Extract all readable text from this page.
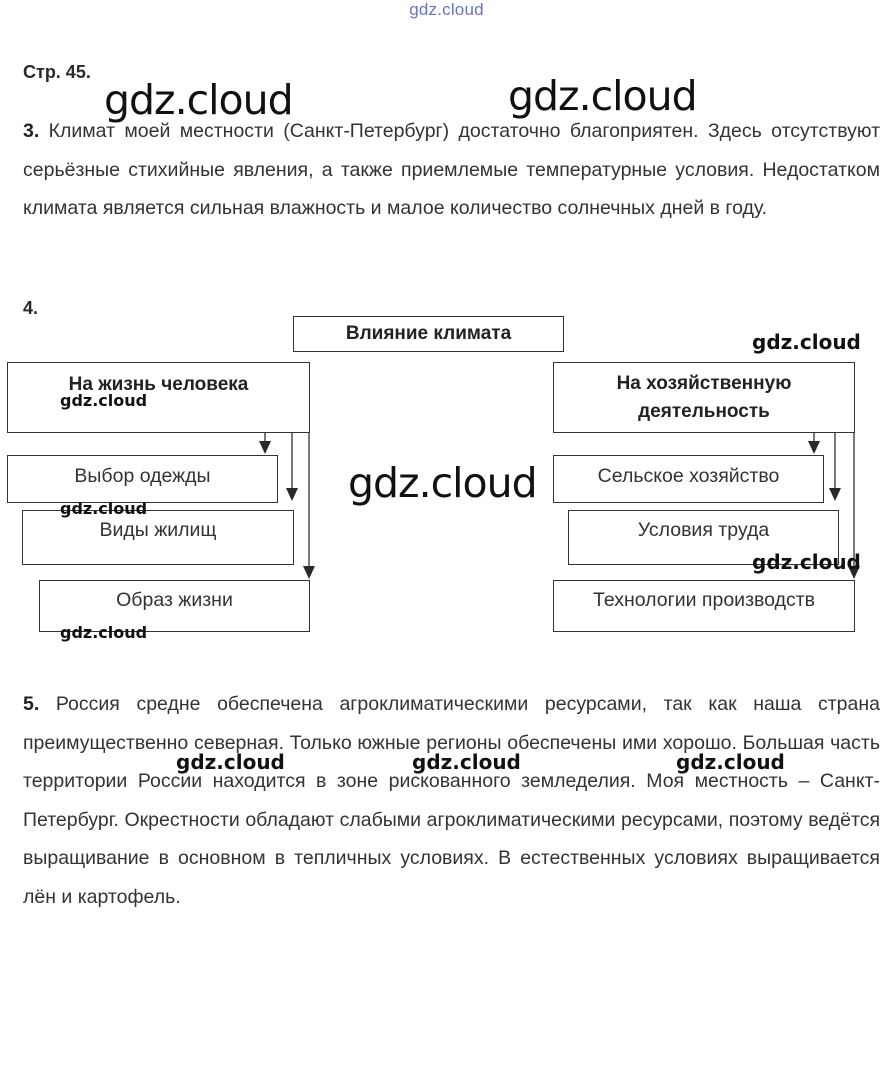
gdz.cloud
Стр. 45.
3. Климат моей местности (Санкт-Петербург) достаточно благоприятен. Здесь отсутствуют серьёзные стихийные явления, а также приемлемые температурные условия. Недостатком климата является сильная влажность и малое количество солнечных дней в году.
4.
Влияние климата
На жизнь человека
Выбор одежды
Виды жилищ
Образ жизни
На хозяйственную
деятельность
Сельское хозяйство
Условия труда
Технологии производств
5. Россия средне обеспечена агроклиматическими ресурсами, так как наша страна преимущественно северная. Только южные регионы обеспечены ими хорошо. Большая часть территории России находится в зоне рискованного земледелия. Моя местность – Санкт-Петербург. Окрестности обладают слабыми агроклиматическими ресурсами, поэтому ведётся выращивание в основном в тепличных условиях. В естественных условиях выращивается лён и картофель.
gdz.cloud	gdz.cloud
gdz.cloud
gdz.cloud
gdz.cloud
gdz.cloud	gdz.cloud	gdz.cloud
gdz.cloud
gdz.cloud
gdz.cloud
